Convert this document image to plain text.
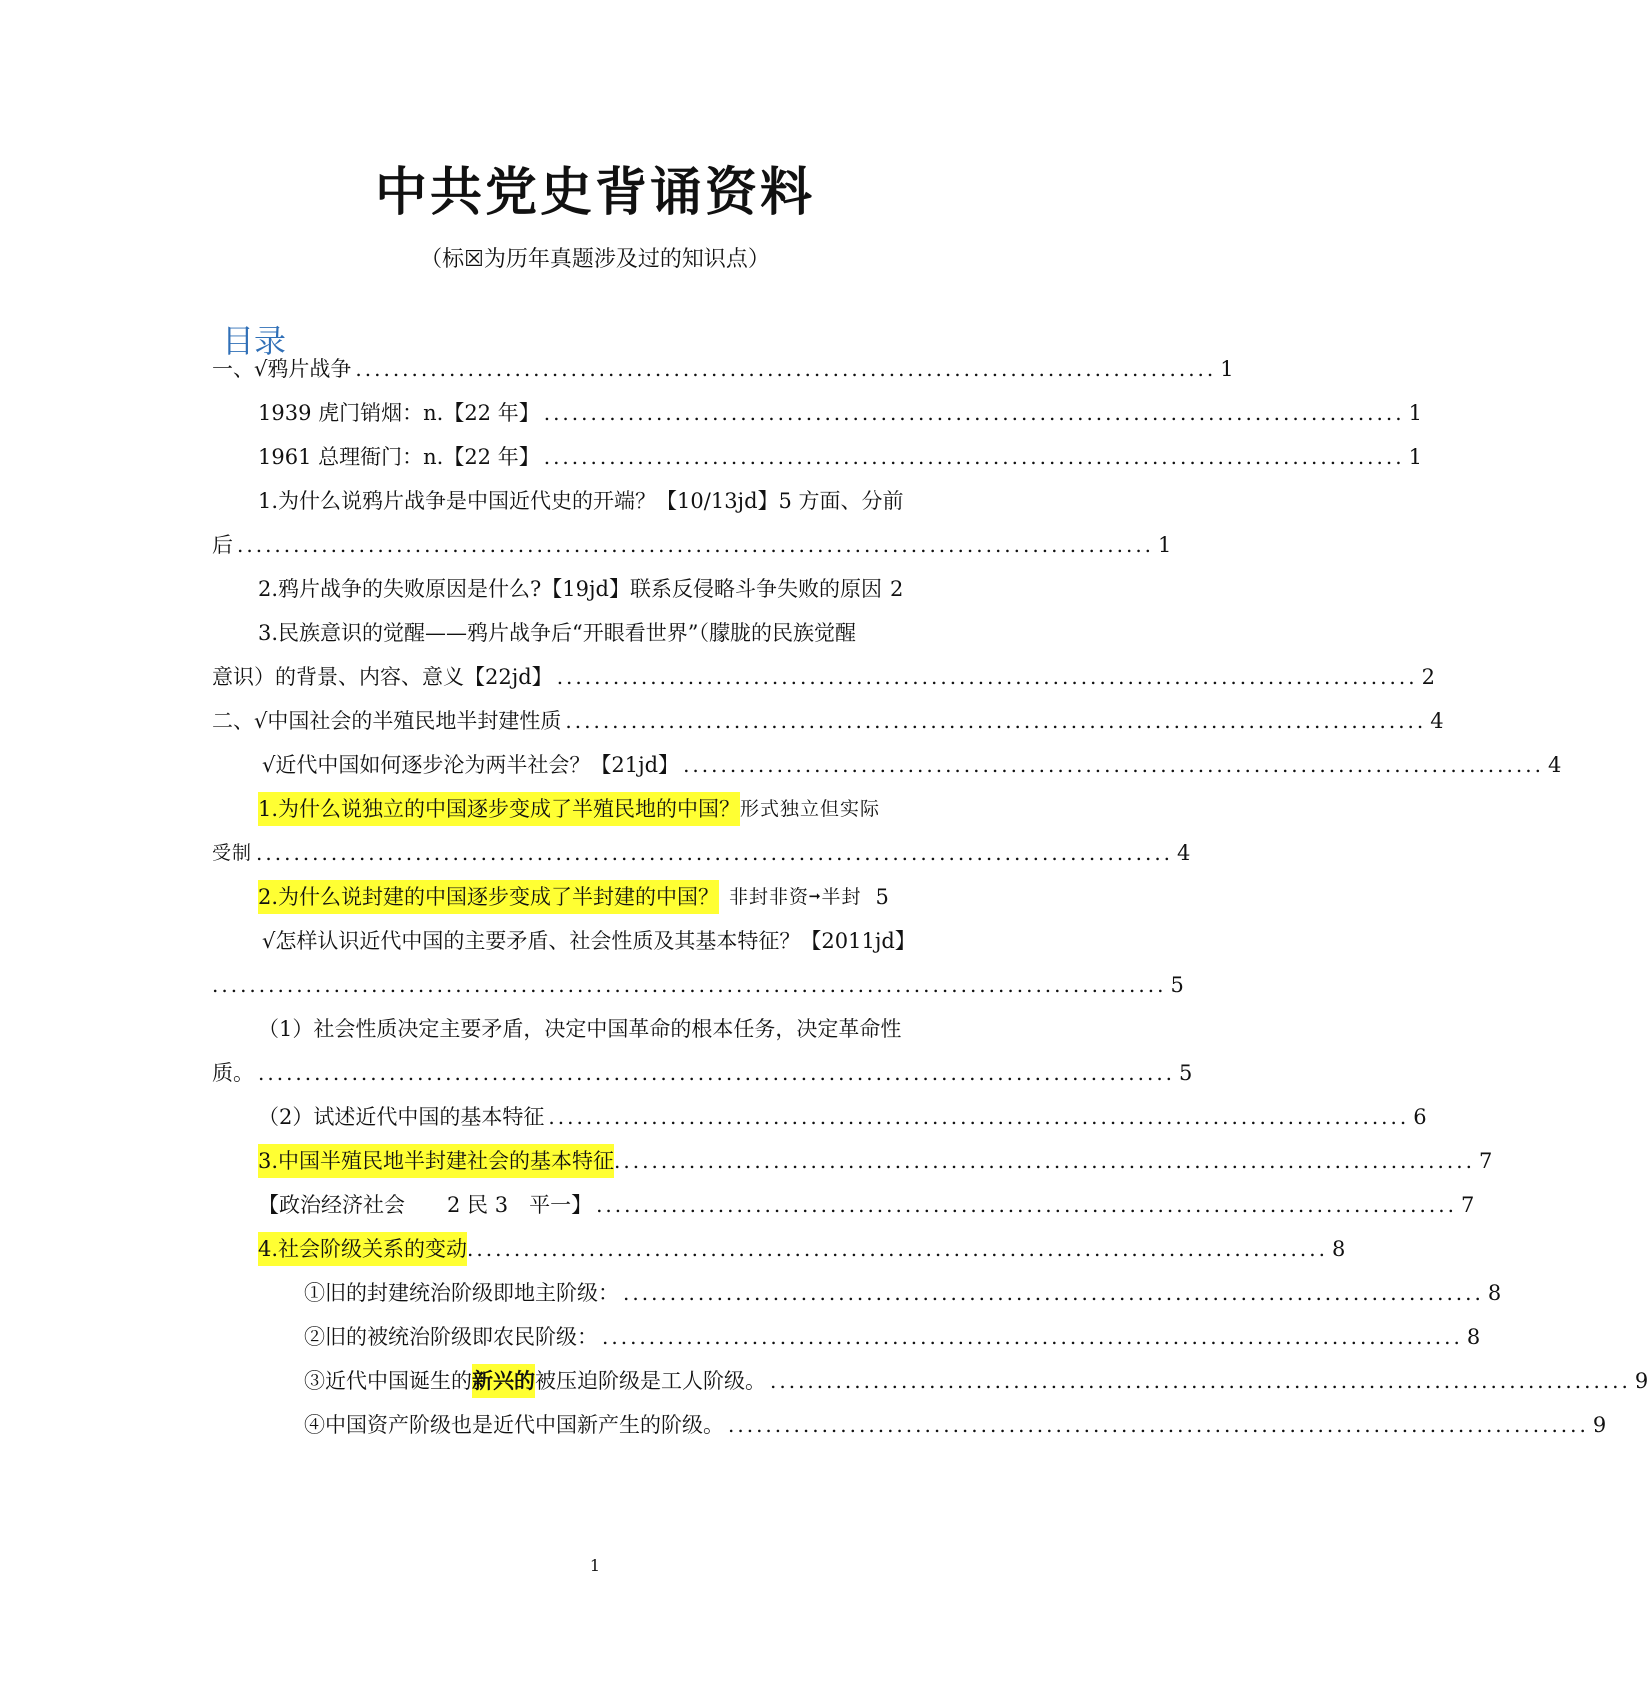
中共党史背诵资料
（标☒为历年真题涉及过的知识点）
目录
一、 √鸦片战争 ............................................................................................ 1
1939 虎门销烟：n.【22 年】 ............................................................................................ 1
1961 总理衙门：n.【22 年】 ............................................................................................ 1
1.为什么说鸦片战争是中国近代史的开端？【10/13jd】5 方面、分前
后 .................................................................................................. 1
2.鸦片战争的失败原因是什么?【19jd】联系反侵略斗争失败的原因 2
3.民族意识的觉醒——鸦片战争后“开眼看世界”（朦胧的民族觉醒
意识）的背景、内容、意义【22jd】 ............................................................................................ 2
二、 √中国社会的半殖民地半封建性质 ............................................................................................ 4
√近代中国如何逐步沦为两半社会？【21jd】 ............................................................................................ 4
1.为什么说独立的中国逐步变成了半殖民地的中国？ 形式独立但实际
受制 .................................................................................................. 4
2.为什么说封建的中国逐步变成了半封建的中国？ 非封非资➞半封 5
√怎样认识近代中国的主要矛盾、社会性质及其基本特征？【2011jd】
...................................................................................................... 5
（1）社会性质决定主要矛盾，决定中国革命的根本任务，决定革命性
质。 .................................................................................................. 5
（2）试述近代中国的基本特征 ............................................................................................ 6
3.中国半殖民地半封建社会的基本特征 ............................................................................................ 7
【政治经济社会　　2 民 3　平一】 ............................................................................................ 7
4.社会阶级关系的变动 ............................................................................................ 8
①旧的封建统治阶级即地主阶级： ............................................................................................ 8
②旧的被统治阶级即农民阶级： ............................................................................................ 8
③近代中国诞生的 新兴的 被压迫阶级是工人阶级。 ............................................................................................ 9
④中国资产阶级也是近代中国新产生的阶级。 ............................................................................................ 9
1
